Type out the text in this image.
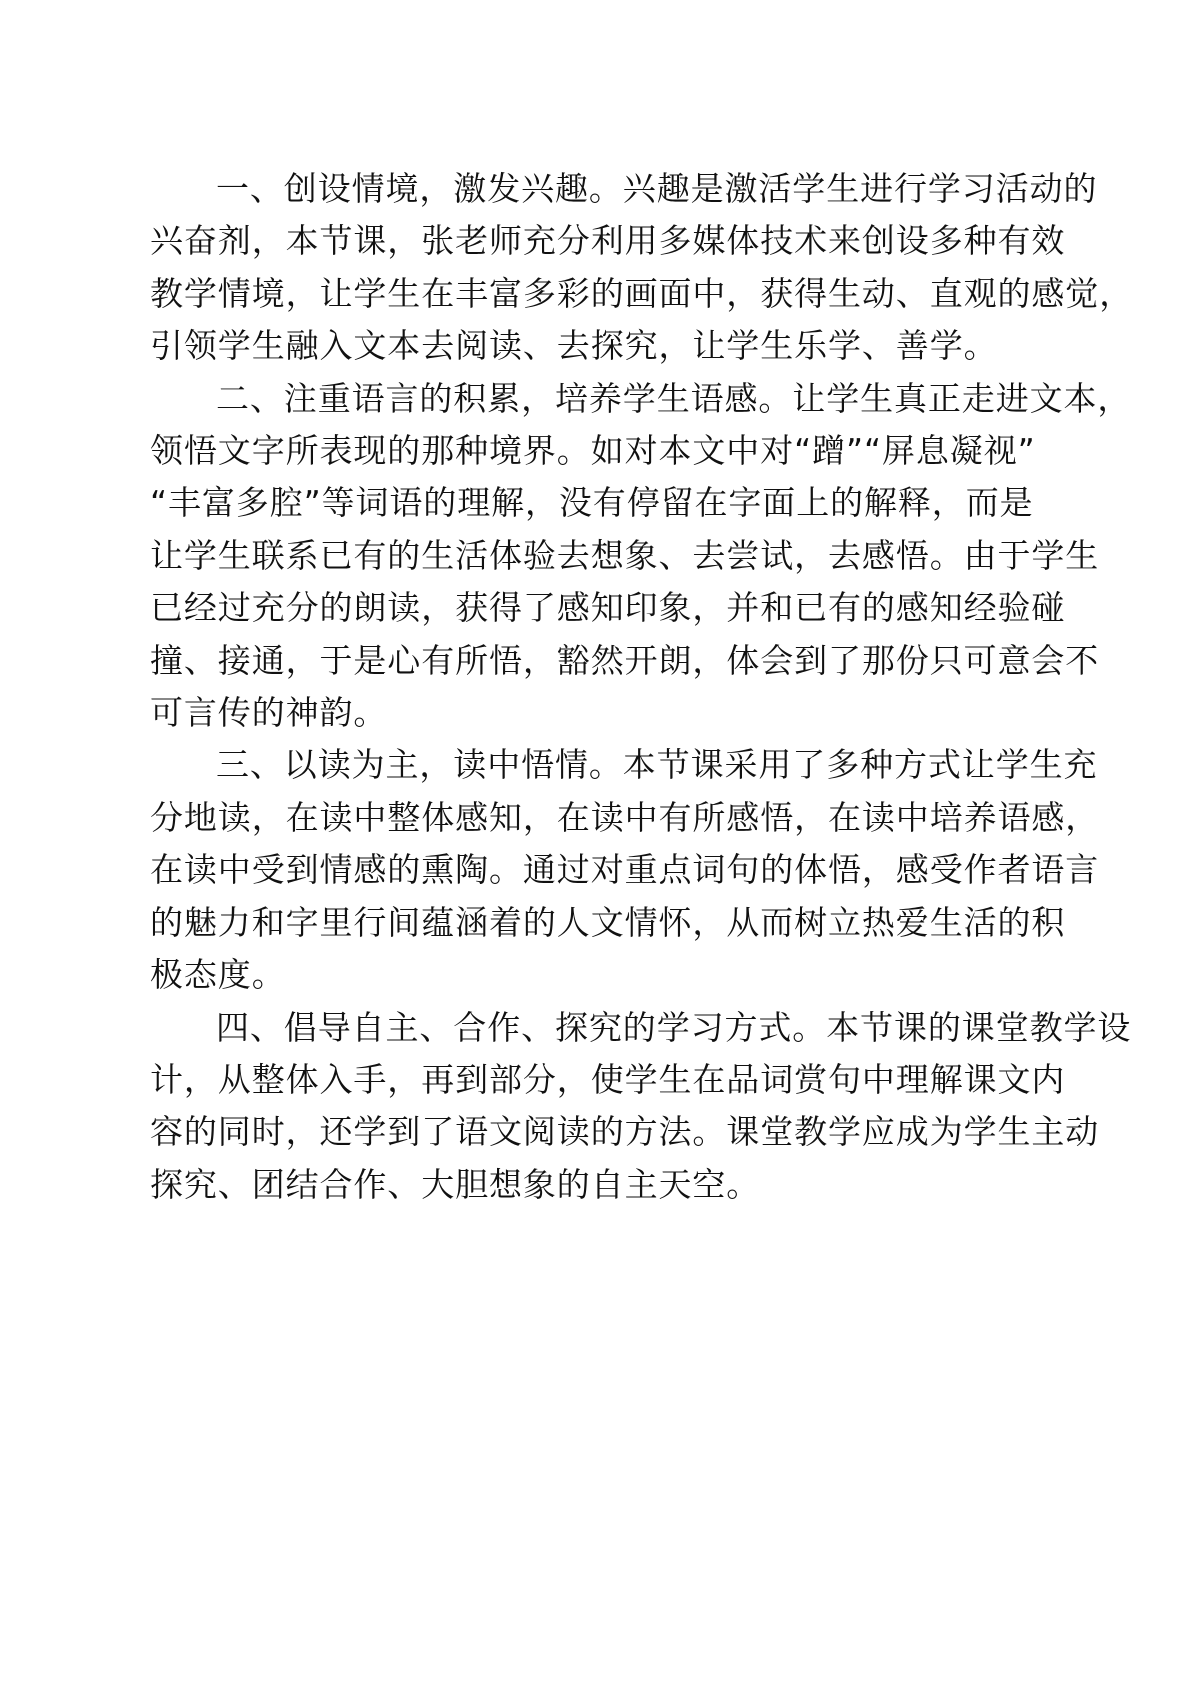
一、创设情境，激发兴趣。兴趣是激活学生进行学习活动的
兴奋剂，本节课，张老师充分利用多媒体技术来创设多种有效
教学情境，让学生在丰富多彩的画面中，获得生动、直观的感觉，
引领学生融入文本去阅读、去探究，让学生乐学、善学。
二、注重语言的积累，培养学生语感。让学生真正走进文本，
领悟文字所表现的那种境界。如对本文中对“蹭”“屏息凝视”
“丰富多腔”等词语的理解，没有停留在字面上的解释，而是
让学生联系已有的生活体验去想象、去尝试，去感悟。由于学生
已经过充分的朗读，获得了感知印象，并和已有的感知经验碰
撞、接通，于是心有所悟，豁然开朗，体会到了那份只可意会不
可言传的神韵。
三、以读为主，读中悟情。本节课采用了多种方式让学生充
分地读，在读中整体感知，在读中有所感悟，在读中培养语感，
在读中受到情感的熏陶。通过对重点词句的体悟，感受作者语言
的魅力和字里行间蕴涵着的人文情怀，从而树立热爱生活的积
极态度。
四、倡导自主、合作、探究的学习方式。本节课的课堂教学设
计，从整体入手，再到部分，使学生在品词赏句中理解课文内
容的同时，还学到了语文阅读的方法。课堂教学应成为学生主动
探究、团结合作、大胆想象的自主天空。
